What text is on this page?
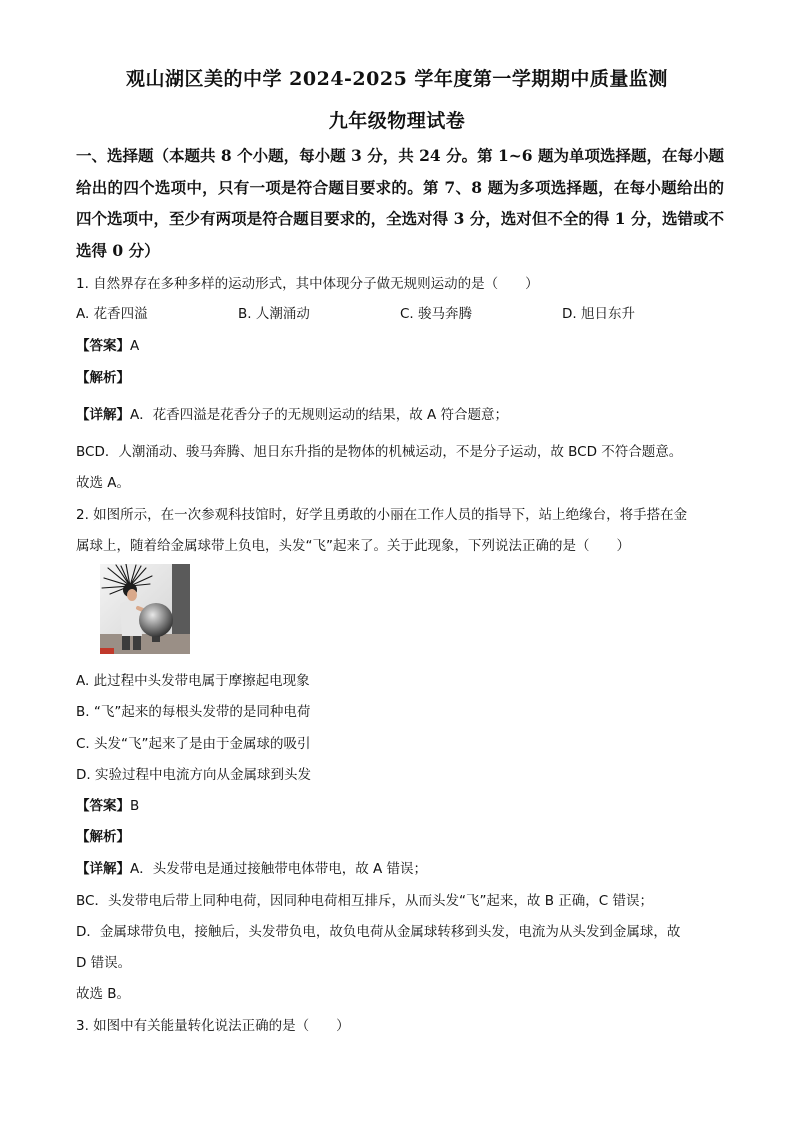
观山湖区美的中学 2024-2025 学年度第一学期期中质量监测
九年级物理试卷
一、选择题（本题共 8 个小题，每小题 3 分，共 24 分。第 1~6 题为单项选择题，在每小题给出的四个选项中，只有一项是符合题目要求的。第 7、8 题为多项选择题，在每小题给出的四个选项中，至少有两项是符合题目要求的，全选对得 3 分，选对但不全的得 1 分，选错或不选得 0 分）
1. 自然界存在多种多样的运动形式，其中体现分子做无规则运动的是（　　）
A. 花香四溢	B. 人潮涌动	C. 骏马奔腾	D. 旭日东升
【答案】A
【解析】
【详解】A．花香四溢是花香分子的无规则运动的结果，故 A 符合题意；
BCD．人潮涌动、骏马奔腾、旭日东升指的是物体的机械运动，不是分子运动，故 BCD 不符合题意。
故选 A。
2. 如图所示，在一次参观科技馆时，好学且勇敢的小丽在工作人员的指导下，站上绝缘台，将手搭在金
属球上，随着给金属球带上负电，头发“飞”起来了。关于此现象，下列说法正确的是（　　）
A. 此过程中头发带电属于摩擦起电现象
B. “飞”起来的每根头发带的是同种电荷
C. 头发“飞”起来了是由于金属球的吸引
D. 实验过程中电流方向从金属球到头发
【答案】B
【解析】
【详解】A．头发带电是通过接触带电体带电，故 A 错误；
BC．头发带电后带上同种电荷，因同种电荷相互排斥，从而头发“飞”起来，故 B 正确，C 错误；
D．金属球带负电，接触后，头发带负电，故负电荷从金属球转移到头发，电流为从头发到金属球，故
D 错误。
故选 B。
3. 如图中有关能量转化说法正确的是（　　）
